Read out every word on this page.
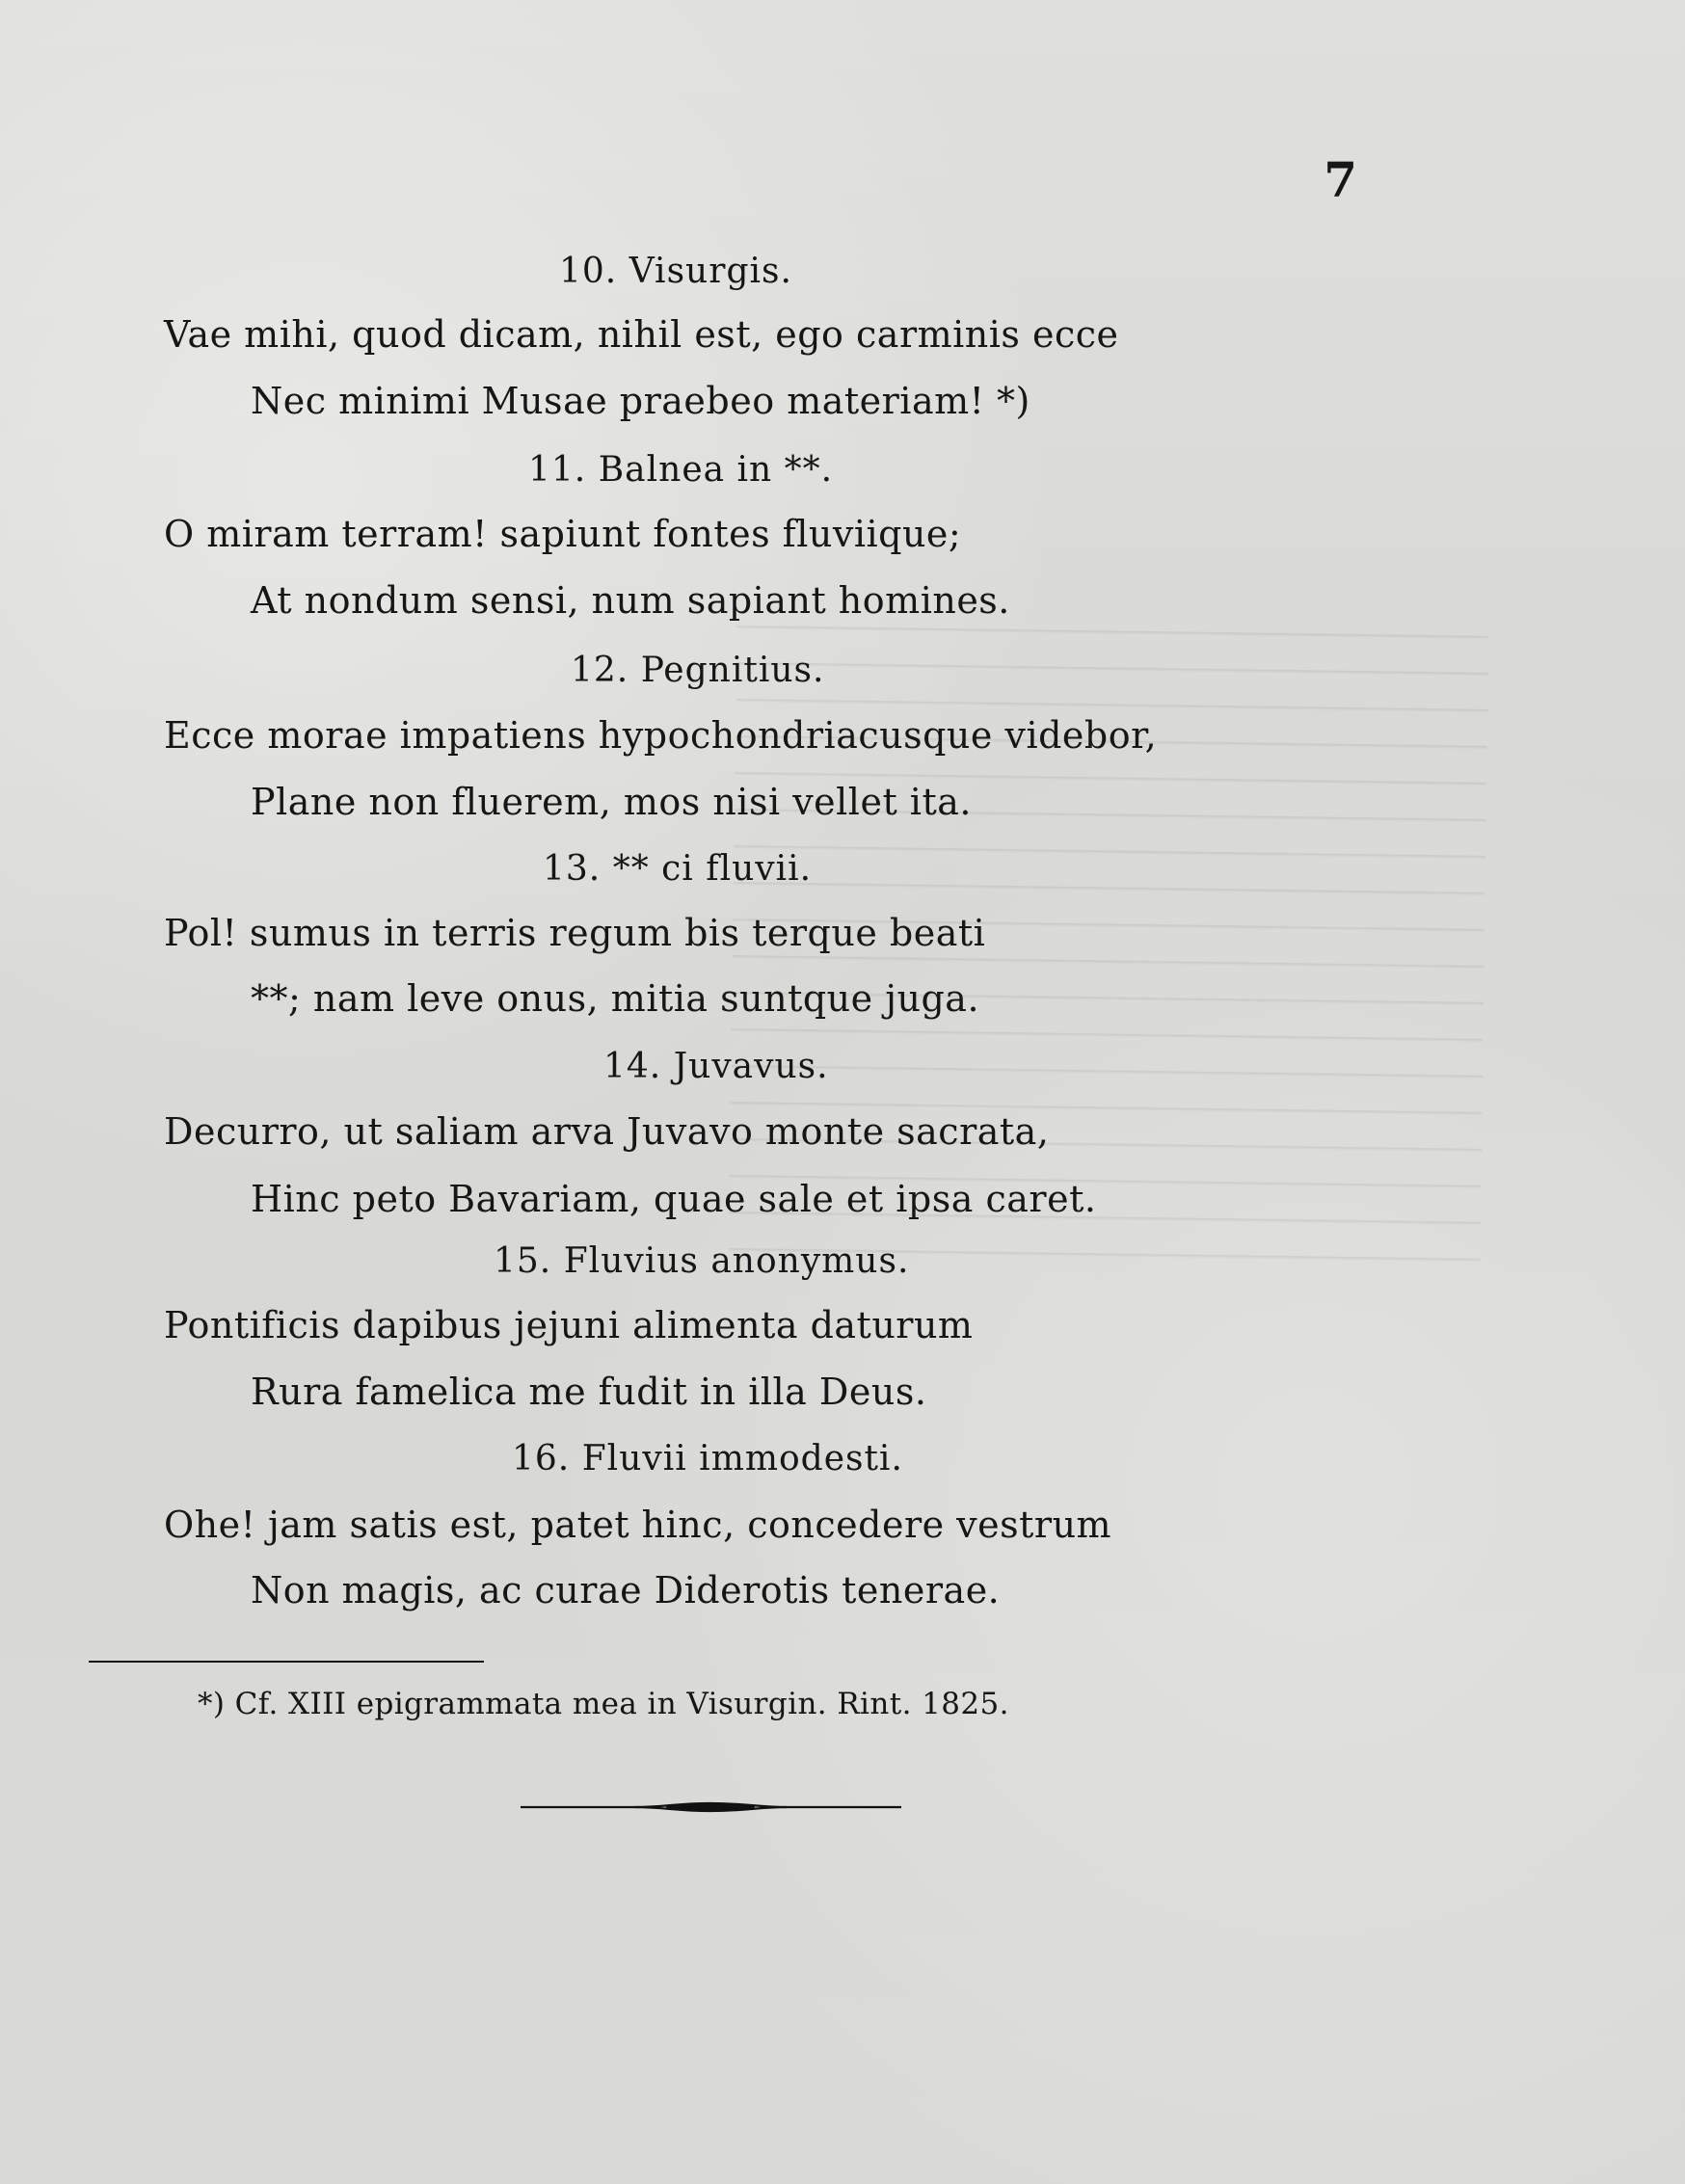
7
10. Visurgis.
Vae mihi, quod dicam, nihil est, ego carminis ecce
Nec minimi Musae praebeo materiam! *)
11. Balnea in **.
O miram terram! sapiunt fontes fluviique;
At nondum sensi, num sapiant homines.
12. Pegnitius.
Ecce morae impatiens hypochondriacusque videbor,
Plane non fluerem, mos nisi vellet ita.
13. ** ci fluvii.
Pol! sumus in terris regum bis terque beati
**; nam leve onus, mitia suntque juga.
14. Juvavus.
Decurro, ut saliam arva Juvavo monte sacrata,
Hinc peto Bavariam, quae sale et ipsa caret.
15. Fluvius anonymus.
Pontificis dapibus jejuni alimenta daturum
Rura famelica me fudit in illa Deus.
16. Fluvii immodesti.
Ohe! jam satis est, patet hinc, concedere vestrum
Non magis, ac curae Diderotis tenerae.
*) Cf. XIII epigrammata mea in Visurgin. Rint. 1825.
